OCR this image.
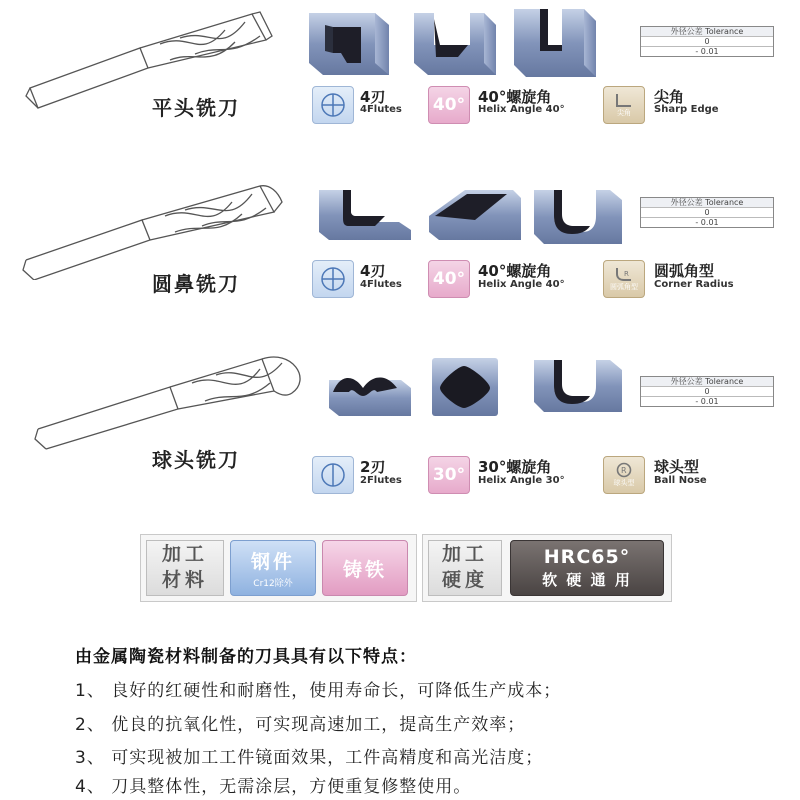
平头铣刀
外径公差 Tolerance
0
- 0.01
4刃
4Flutes 40° 40°螺旋角
Helix Angle 40°	尖角
尖角
Sharp Edge
圆鼻铣刀
外径公差 Tolerance
0
- 0.01
4刃
4Flutes 40° 40°螺旋角
Helix Angle 40°
R
圆弧角型
圆弧角型
Corner Radius
球头铣刀
外径公差 Tolerance
0
- 0.01
2刃
2Flutes 30° 30°螺旋角
Helix Angle 30°
R
球头型
球头型
Ball Nose
加工
材料
钢件
Cr12除外
铸铁
加工
硬度
HRC65°
软 硬 通 用
由金属陶瓷材料制备的刀具具有以下特点：
1、 良好的红硬性和耐磨性，使用寿命长，可降低生产成本；
2、 优良的抗氧化性，可实现高速加工，提高生产效率；
3、 可实现被加工工件镜面效果，工件高精度和高光洁度；
4、 刀具整体性，无需涂层，方便重复修整使用。
